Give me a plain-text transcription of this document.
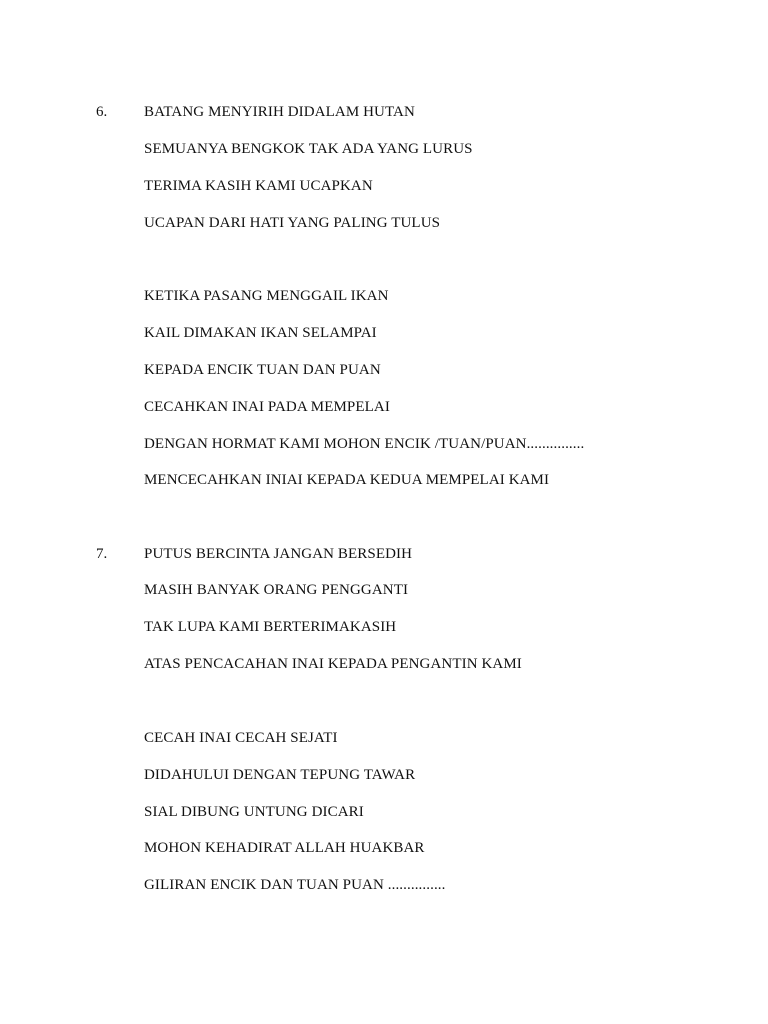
6. BATANG MENYIRIH DIDALAM HUTAN
SEMUANYA BENGKOK TAK ADA YANG LURUS
TERIMA KASIH KAMI UCAPKAN
UCAPAN DARI HATI YANG PALING TULUS
KETIKA PASANG MENGGAIL IKAN
KAIL DIMAKAN IKAN SELAMPAI
KEPADA ENCIK TUAN DAN PUAN
CECAHKAN INAI PADA MEMPELAI
DENGAN HORMAT KAMI MOHON ENCIK /TUAN/PUAN...............
MENCECAHKAN INIAI KEPADA KEDUA MEMPELAI KAMI
7. PUTUS BERCINTA JANGAN BERSEDIH
MASIH BANYAK ORANG PENGGANTI
TAK LUPA KAMI BERTERIMAKASIH
ATAS PENCACAHAN INAI KEPADA PENGANTIN KAMI
CECAH INAI CECAH SEJATI
DIDAHULUI DENGAN TEPUNG TAWAR
SIAL DIBUNG UNTUNG DICARI
MOHON KEHADIRAT ALLAH HUAKBAR
GILIRAN ENCIK DAN TUAN PUAN ...............
